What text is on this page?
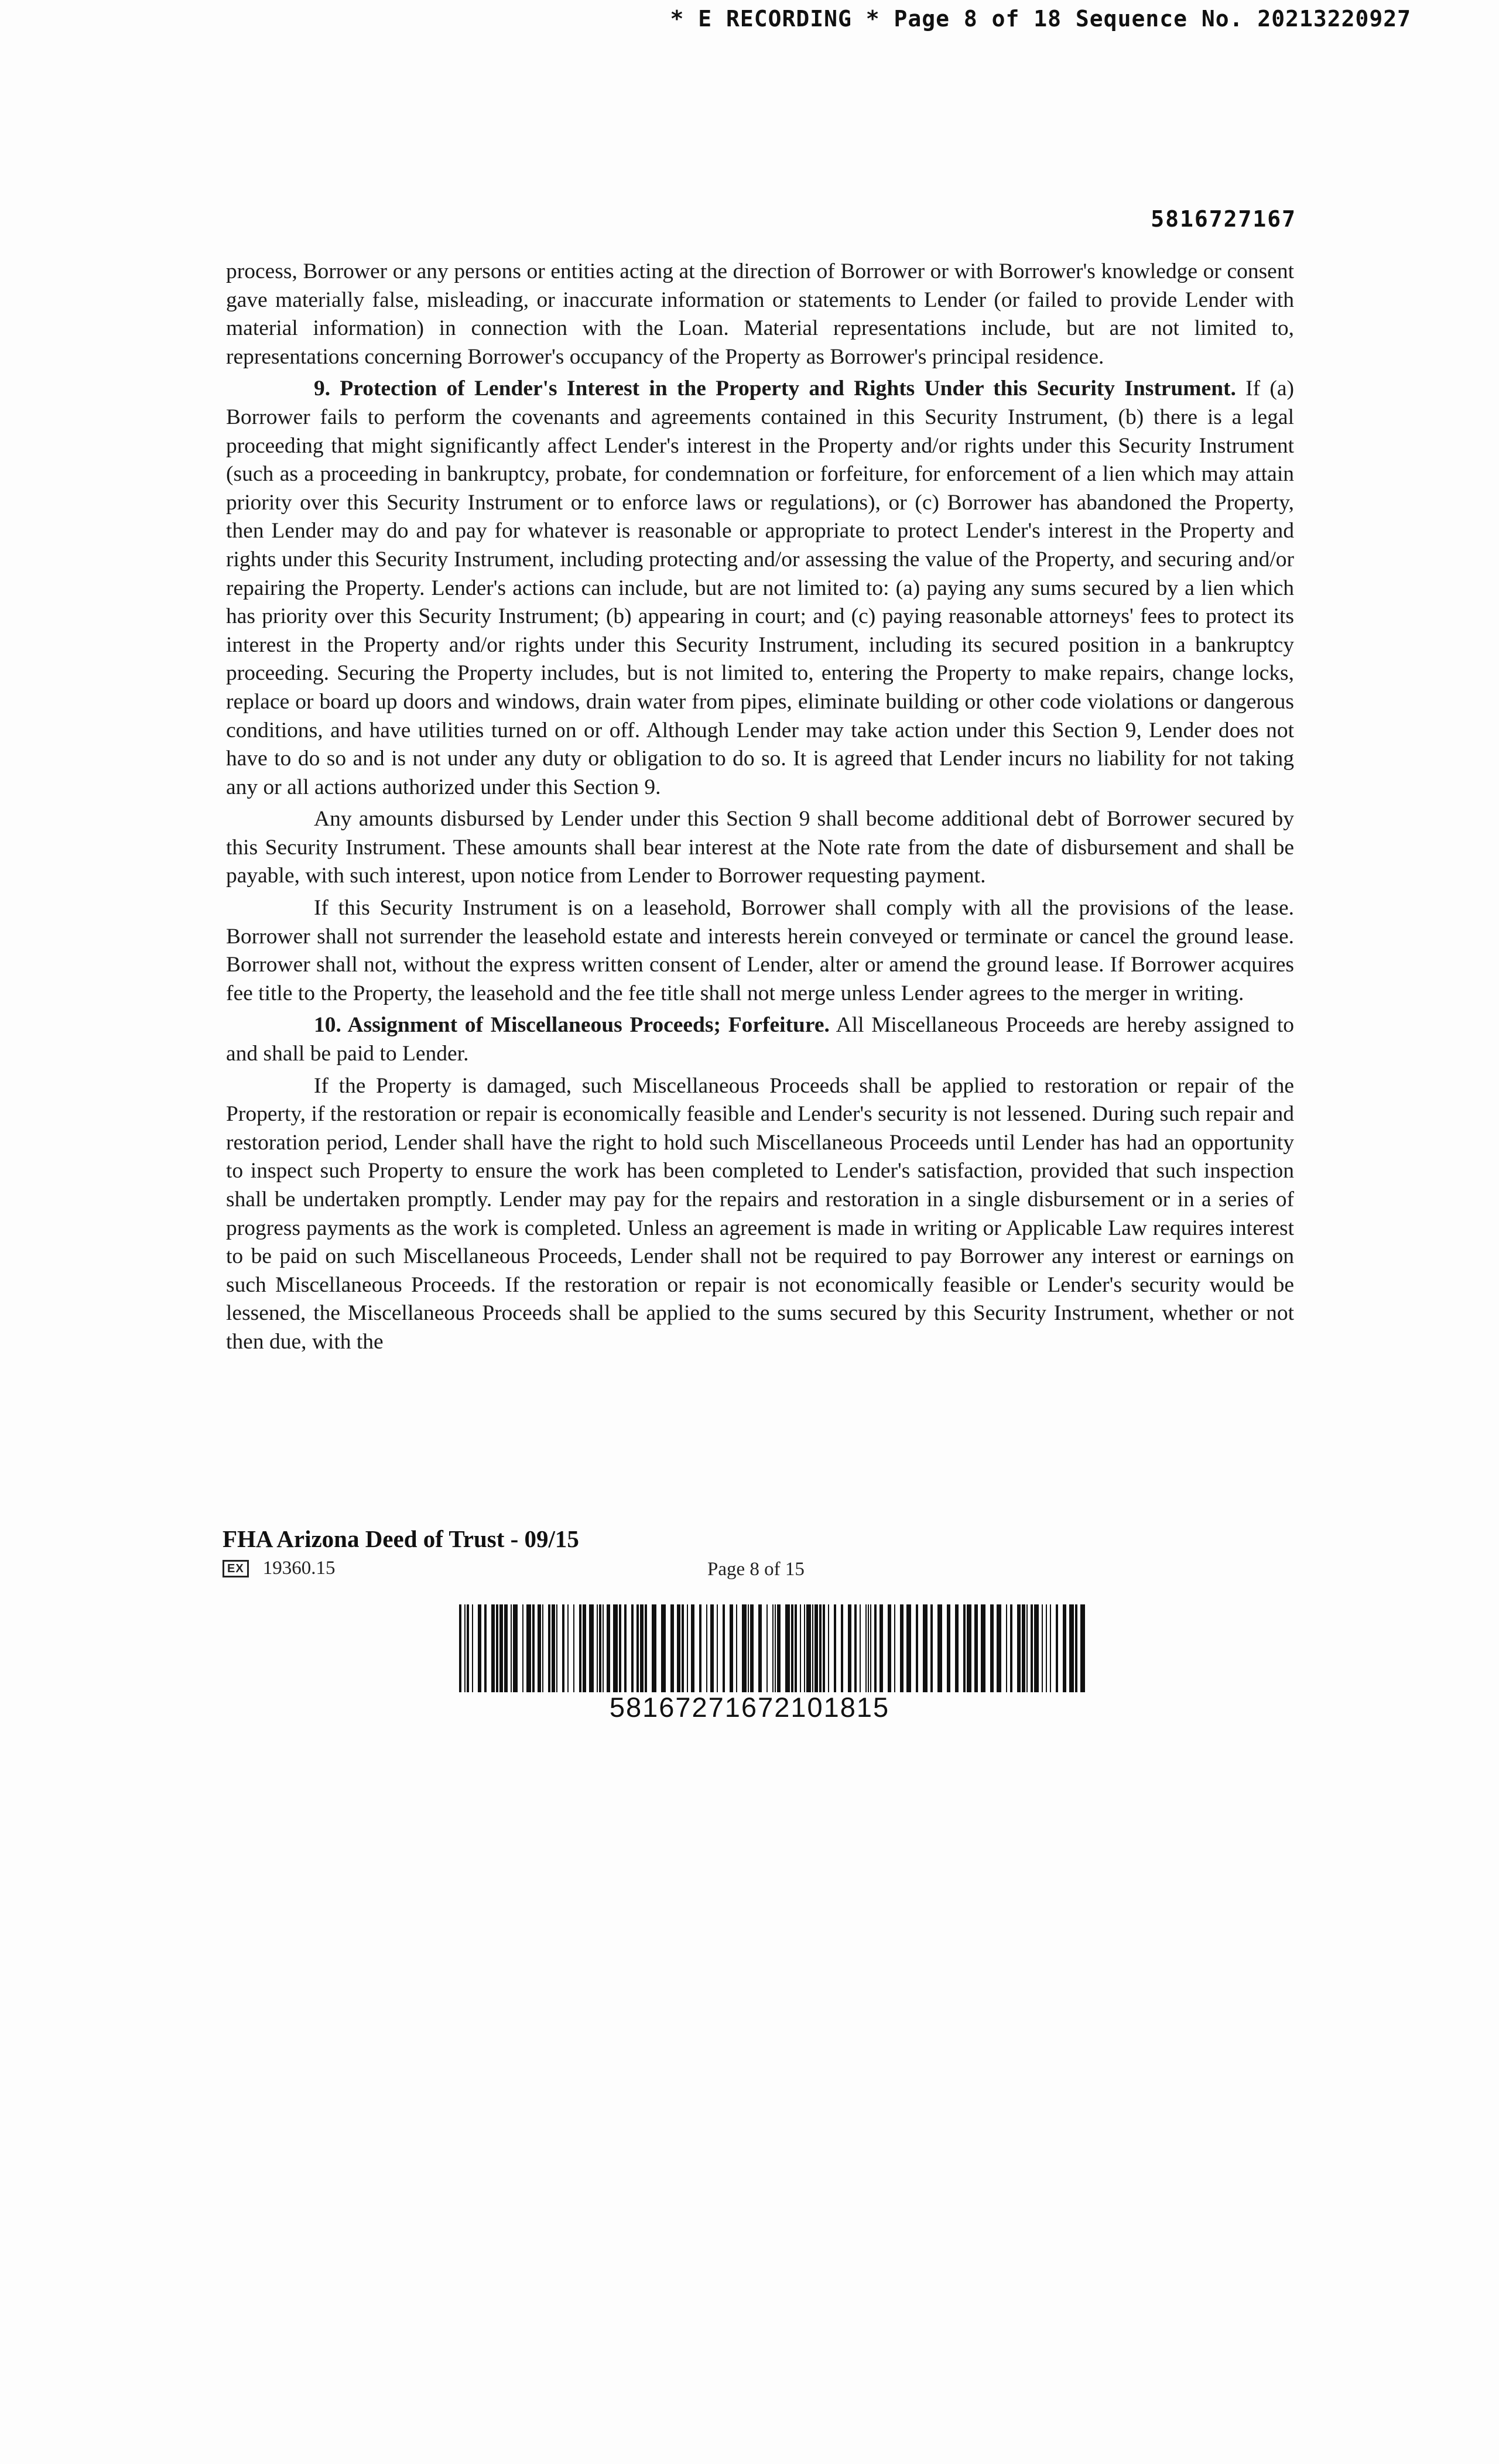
* E RECORDING * Page 8 of 18 Sequence No. 20213220927
5816727167

process, Borrower or any persons or entities acting at the direction of Borrower or with Borrower's knowledge or consent gave materially false, misleading, or inaccurate information or statements to Lender (or failed to provide Lender with material information) in connection with the Loan. Material representations include, but are not limited to, representations concerning Borrower's occupancy of the Property as Borrower's principal residence.

9. Protection of Lender's Interest in the Property and Rights Under this Security Instrument. If (a) Borrower fails to perform the covenants and agreements contained in this Security Instrument, (b) there is a legal proceeding that might significantly affect Lender's interest in the Property and/or rights under this Security Instrument (such as a proceeding in bankruptcy, probate, for condemnation or forfeiture, for enforcement of a lien which may attain priority over this Security Instrument or to enforce laws or regulations), or (c) Borrower has abandoned the Property, then Lender may do and pay for whatever is reasonable or appropriate to protect Lender's interest in the Property and rights under this Security Instrument, including protecting and/or assessing the value of the Property, and securing and/or repairing the Property. Lender's actions can include, but are not limited to: (a) paying any sums secured by a lien which has priority over this Security Instrument; (b) appearing in court; and (c) paying reasonable attorneys' fees to protect its interest in the Property and/or rights under this Security Instrument, including its secured position in a bankruptcy proceeding. Securing the Property includes, but is not limited to, entering the Property to make repairs, change locks, replace or board up doors and windows, drain water from pipes, eliminate building or other code violations or dangerous conditions, and have utilities turned on or off. Although Lender may take action under this Section 9, Lender does not have to do so and is not under any duty or obligation to do so. It is agreed that Lender incurs no liability for not taking any or all actions authorized under this Section 9.

Any amounts disbursed by Lender under this Section 9 shall become additional debt of Borrower secured by this Security Instrument. These amounts shall bear interest at the Note rate from the date of disbursement and shall be payable, with such interest, upon notice from Lender to Borrower requesting payment.

If this Security Instrument is on a leasehold, Borrower shall comply with all the provisions of the lease. Borrower shall not surrender the leasehold estate and interests herein conveyed or terminate or cancel the ground lease. Borrower shall not, without the express written consent of Lender, alter or amend the ground lease. If Borrower acquires fee title to the Property, the leasehold and the fee title shall not merge unless Lender agrees to the merger in writing.

10. Assignment of Miscellaneous Proceeds; Forfeiture. All Miscellaneous Proceeds are hereby assigned to and shall be paid to Lender.

If the Property is damaged, such Miscellaneous Proceeds shall be applied to restoration or repair of the Property, if the restoration or repair is economically feasible and Lender's security is not lessened. During such repair and restoration period, Lender shall have the right to hold such Miscellaneous Proceeds until Lender has had an opportunity to inspect such Property to ensure the work has been completed to Lender's satisfaction, provided that such inspection shall be undertaken promptly. Lender may pay for the repairs and restoration in a single disbursement or in a series of progress payments as the work is completed. Unless an agreement is made in writing or Applicable Law requires interest to be paid on such Miscellaneous Proceeds, Lender shall not be required to pay Borrower any interest or earnings on such Miscellaneous Proceeds. If the restoration or repair is not economically feasible or Lender's security would be lessened, the Miscellaneous Proceeds shall be applied to the sums secured by this Security Instrument, whether or not then due, with the

FHA Arizona Deed of Trust - 09/15
EX 19360.15	Page 8 of 15
58167271672101815
